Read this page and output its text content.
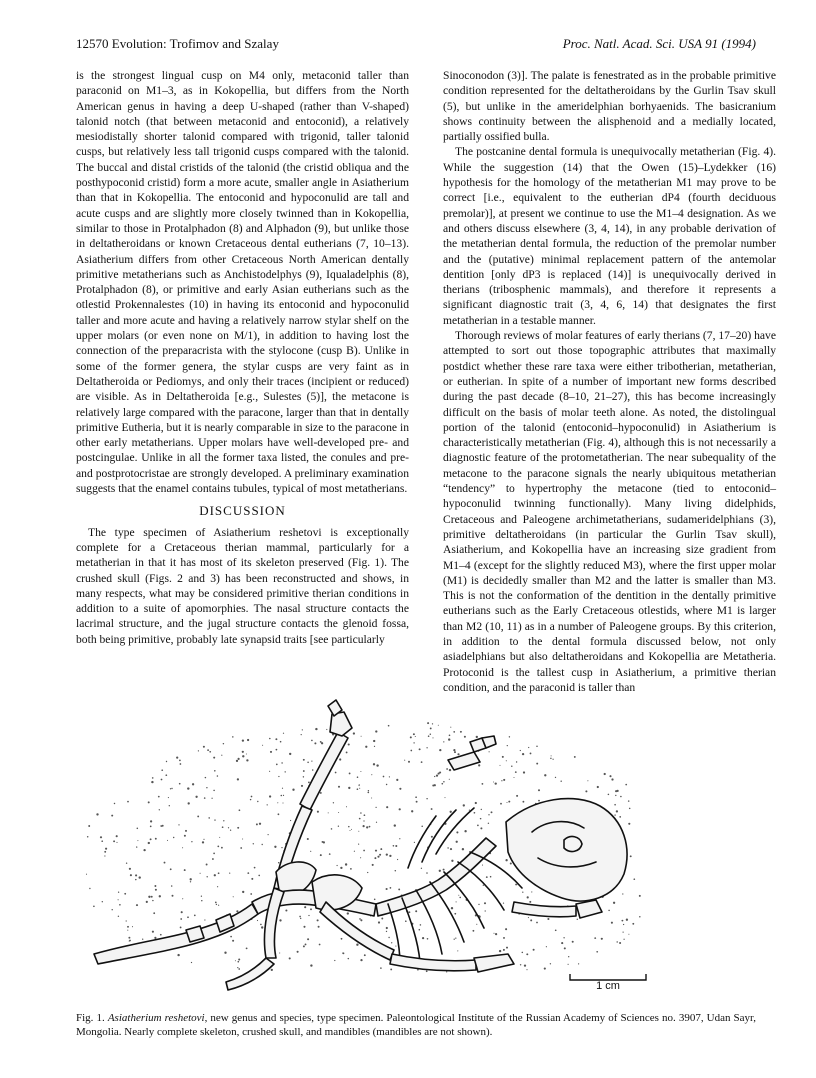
12570 Evolution: Trofimov and Szalay	Proc. Natl. Acad. Sci. USA 91 (1994)

is the strongest lingual cusp on M4 only, metaconid taller than paraconid on M1–3, as in Kokopellia, but differs from the North American genus in having a deep U-shaped (rather than V-shaped) talonid notch (that between metaconid and entoconid), a relatively mesiodistally shorter talonid compared with trigonid, taller talonid cusps, but relatively less tall trigonid cusps compared with the talonid. The buccal and distal cristids of the talonid (the cristid obliqua and the posthypoconid cristid) form a more acute, smaller angle in Asiatherium than that in Kokopellia. The entoconid and hypoconulid are tall and acute cusps and are slightly more closely twinned than in Kokopellia, similar to those in Protalphadon (8) and Alphadon (9), but unlike those in deltatheroidans or known Cretaceous dental eutherians (7, 10–13). Asiatherium differs from other Cretaceous North American dentally primitive metatherians such as Anchistodelphys (9), Iqualadelphis (8), Protalphadon (8), or primitive and early Asian eutherians such as the otlestid Prokennalestes (10) in having its entoconid and hypoconulid taller and more acute and having a relatively narrow stylar shelf on the upper molars (or even none on M/1), in addition to having lost the connection of the preparacrista with the stylocone (cusp B). Unlike in some of the former genera, the stylar cusps are very faint as in Deltatheroida or Pediomys, and only their traces (incipient or reduced) are visible. As in Deltatheroida [e.g., Sulestes (5)], the metacone is relatively large compared with the paracone, larger than that in dentally primitive Eutheria, but it is nearly comparable in size to the paracone in other early metatherians. Upper molars have well-developed pre- and postcingulae. Unlike in all the former taxa listed, the conules and pre- and postprotocristae are strongly developed. A preliminary examination suggests that the enamel contains tubules, typical of most metatherians.

DISCUSSION

The type specimen of Asiatherium reshetovi is exceptionally complete for a Cretaceous therian mammal, particularly for a metatherian in that it has most of its skeleton preserved (Fig. 1). The crushed skull (Figs. 2 and 3) has been reconstructed and shows, in many respects, what may be considered primitive therian conditions in addition to a suite of apomorphies. The nasal structure contacts the lacrimal structure, and the jugal structure contacts the glenoid fossa, both being primitive, probably late synapsid traits [see particularly

Sinoconodon (3)]. The palate is fenestrated as in the probable primitive condition represented for the deltatheroidans by the Gurlin Tsav skull (5), but unlike in the ameridelphian borhyaenids. The basicranium shows continuity between the alisphenoid and a medially located, partially ossified bulla.

The postcanine dental formula is unequivocally metatherian (Fig. 4). While the suggestion (14) that the Owen (15)–Lydekker (16) hypothesis for the homology of the metatherian M1 may prove to be correct [i.e., equivalent to the eutherian dP4 (fourth deciduous premolar)], at present we continue to use the M1–4 designation. As we and others discuss elsewhere (3, 4, 14), in any probable derivation of the metatherian dental formula, the reduction of the premolar number and the (putative) minimal replacement pattern of the antemolar dentition [only dP3 is replaced (14)] is unequivocally derived in therians (tribosphenic mammals), and therefore it represents a significant diagnostic trait (3, 4, 6, 14) that designates the first metatherian in a testable manner.

Thorough reviews of molar features of early therians (7, 17–20) have attempted to sort out those topographic attributes that maximally postdict whether these rare taxa were either tribotherian, metatherian, or eutherian. In spite of a number of important new forms described during the past decade (8–10, 21–27), this has become increasingly difficult on the basis of molar teeth alone. As noted, the distolingual portion of the talonid (entoconid–hypoconulid) in Asiatherium is characteristically metatherian (Fig. 4), although this is not necessarily a diagnostic feature of the protometatherian. The near subequality of the metacone to the paracone signals the nearly ubiquitous metatherian “tendency” to hypertrophy the metacone (tied to entoconid–hypoconulid twinning functionally). Many living didelphids, Cretaceous and Paleogene archimetatherians, sudameridelphians (3), primitive deltatheroidans (in particular the Gurlin Tsav skull), Asiatherium, and Kokopellia have an increasing size gradient from M1–4 (except for the slightly reduced M3), where the first upper molar (M1) is decidedly smaller than M2 and the latter is smaller than M3. This is not the conformation of the dentition in the dentally primitive eutherians such as the Early Cretaceous otlestids, where M1 is larger than M2 (10, 11) as in a number of Paleogene groups. By this criterion, in addition to the dental formula discussed below, not only asiadelphians but also deltatheroidans and Kokopellia are Metatheria. Protoconid is the tallest cusp in Asiatherium, a primitive therian condition, and the paraconid is taller than

1 cm
Fig. 1. Asiatherium reshetovi, new genus and species, type specimen. Paleontological Institute of the Russian Academy of Sciences no. 3907, Udan Sayr, Mongolia. Nearly complete skeleton, crushed skull, and mandibles (mandibles are not shown).
